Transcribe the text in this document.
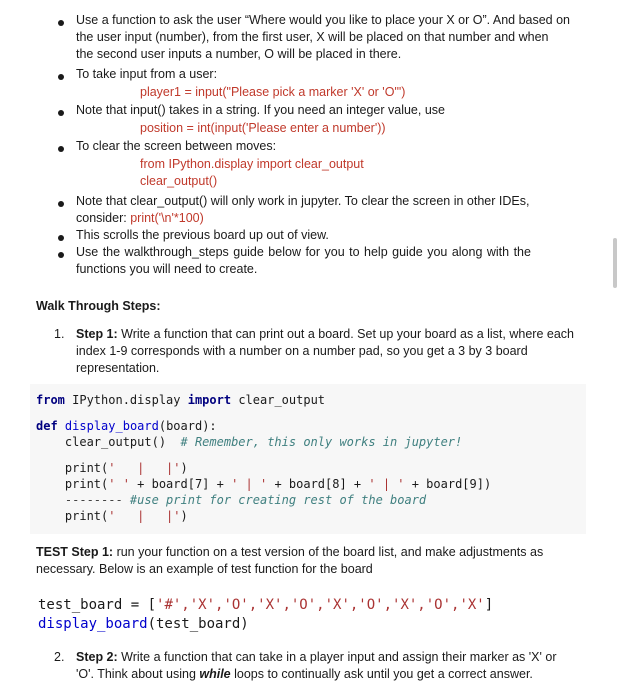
Use a function to ask the user “Where would you like to place your X or O”. And based on
the user input (number), from the first user, X will be placed on that number and when
the second user inputs a number, O will be placed in there.
To take input from a user:
player1 = input("Please pick a marker 'X' or 'O'")
Note that input() takes in a string. If you need an integer value, use
position = int(input('Please enter a number'))
To clear the screen between moves:
from IPython.display import clear_output
clear_output()
Note that clear_output() will only work in jupyter. To clear the screen in other IDEs,
consider: print('\n'*100)
This scrolls the previous board up out of view.
Use the walkthrough_steps guide below for you to help guide you along with the
functions you will need to create.
Walk Through Steps:
1. Step 1: Write a function that can print out a board. Set up your board as a list, where each
index 1-9 corresponds with a number on a number pad, so you get a 3 by 3 board
representation.
from IPython.display import clear_output
def display_board(board):
clear_output()  # Remember, this only works in jupyter!
print('   |   |')
print(' ' + board[7] + ' | ' + board[8] + ' | ' + board[9])
-------- #use print for creating rest of the board
print('   |   |')
TEST Step 1: run your function on a test version of the board list, and make adjustments as
necessary. Below is an example of test function for the board
test_board = ['#','X','O','X','O','X','O','X','O','X']
display_board(test_board)
2. Step 2: Write a function that can take in a player input and assign their marker as 'X' or
'O'. Think about using while loops to continually ask until you get a correct answer.
